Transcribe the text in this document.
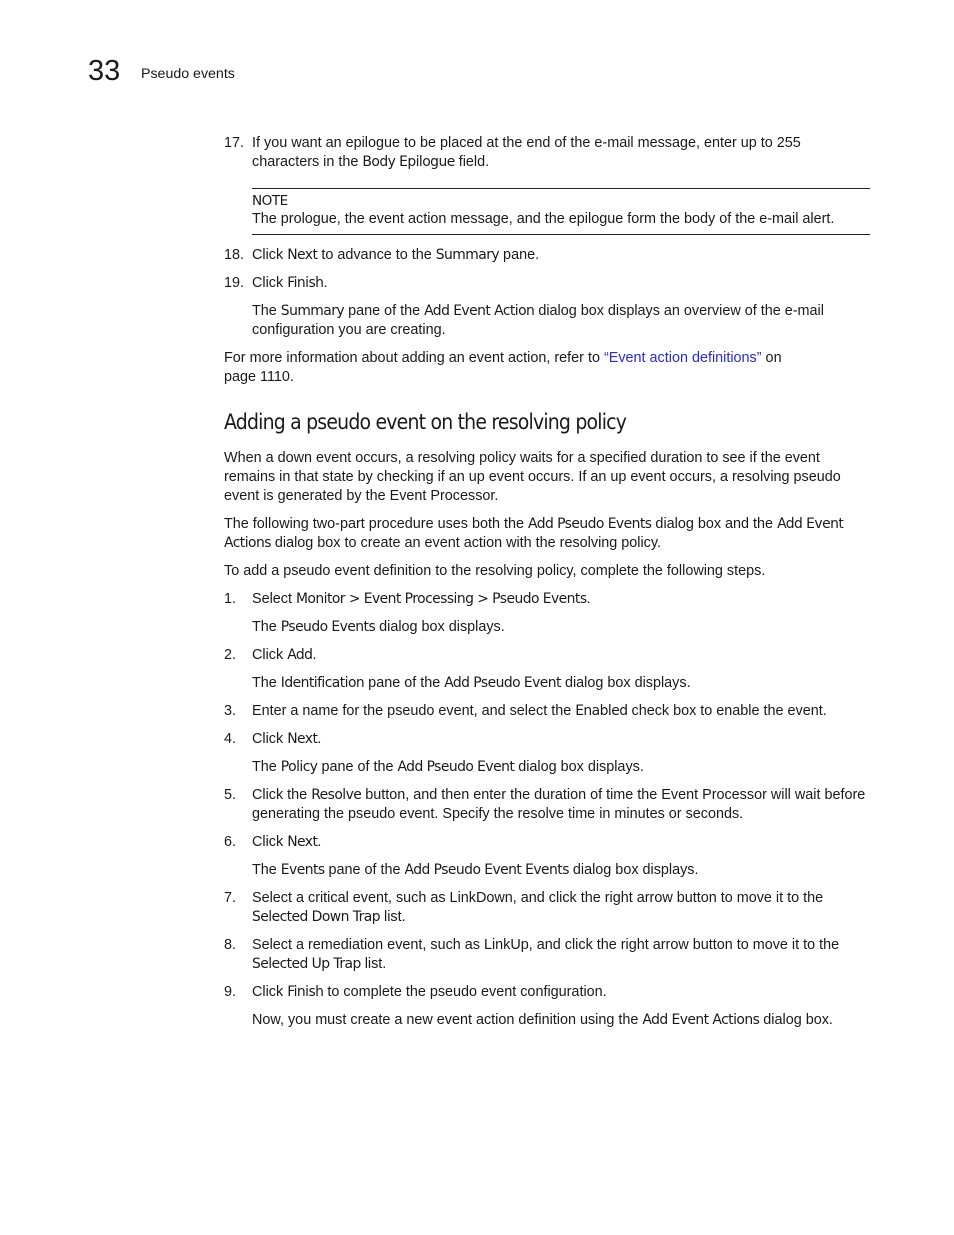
33 Pseudo events
17. If you want an epilogue to be placed at the end of the e-mail message, enter up to 255 characters in the Body Epilogue field.
NOTE
The prologue, the event action message, and the epilogue form the body of the e-mail alert.
18. Click Next to advance to the Summary pane.
19. Click Finish.
The Summary pane of the Add Event Action dialog box displays an overview of the e-mail configuration you are creating.
For more information about adding an event action, refer to “Event action definitions” on page 1110.
Adding a pseudo event on the resolving policy
When a down event occurs, a resolving policy waits for a specified duration to see if the event remains in that state by checking if an up event occurs. If an up event occurs, a resolving pseudo event is generated by the Event Processor.
The following two-part procedure uses both the Add Pseudo Events dialog box and the Add Event Actions dialog box to create an event action with the resolving policy.
To add a pseudo event definition to the resolving policy, complete the following steps.
1. Select Monitor > Event Processing > Pseudo Events.
The Pseudo Events dialog box displays.
2. Click Add.
The Identification pane of the Add Pseudo Event dialog box displays.
3. Enter a name for the pseudo event, and select the Enabled check box to enable the event.
4. Click Next.
The Policy pane of the Add Pseudo Event dialog box displays.
5. Click the Resolve button, and then enter the duration of time the Event Processor will wait before generating the pseudo event. Specify the resolve time in minutes or seconds.
6. Click Next.
The Events pane of the Add Pseudo Event Events dialog box displays.
7. Select a critical event, such as LinkDown, and click the right arrow button to move it to the Selected Down Trap list.
8. Select a remediation event, such as LinkUp, and click the right arrow button to move it to the Selected Up Trap list.
9. Click Finish to complete the pseudo event configuration.
Now, you must create a new event action definition using the Add Event Actions dialog box.
